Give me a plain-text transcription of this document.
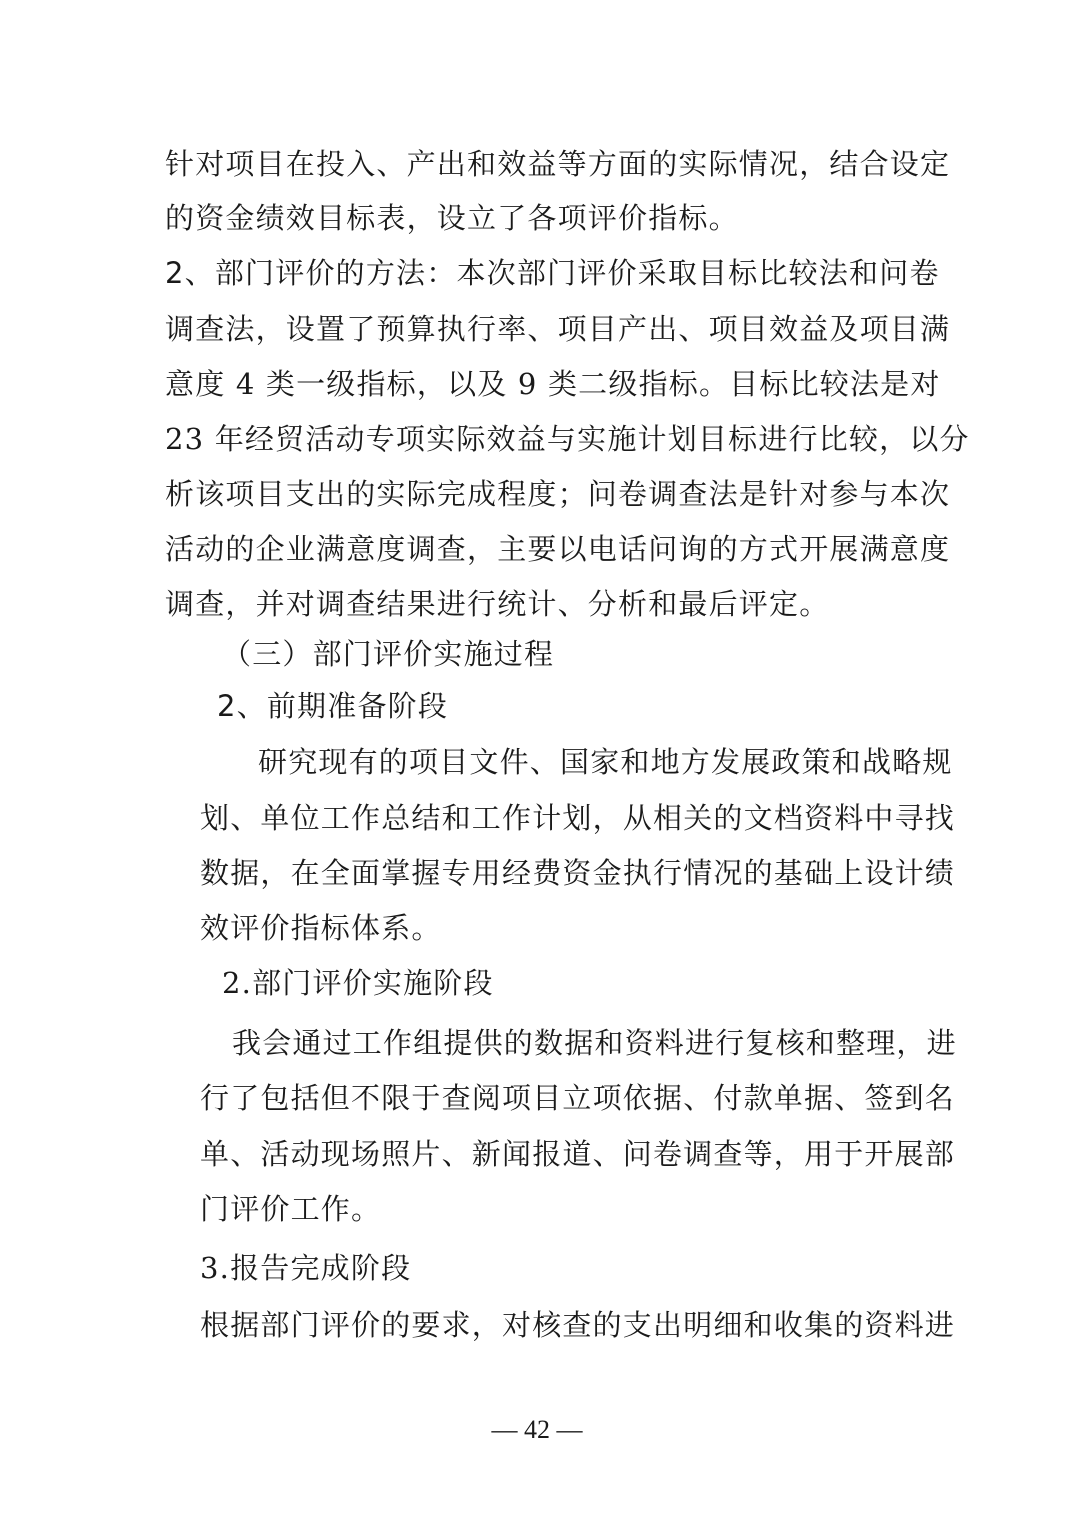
针对项目在投入、产出和效益等方面的实际情况，结合设定
的资金绩效目标表，设立了各项评价指标。
2、部门评价的方法：本次部门评价采取目标比较法和问卷
调查法，设置了预算执行率、项目产出、项目效益及项目满
意度 4 类一级指标，以及 9 类二级指标。目标比较法是对
23 年经贸活动专项实际效益与实施计划目标进行比较，以分
析该项目支出的实际完成程度；问卷调查法是针对参与本次
活动的企业满意度调查，主要以电话问询的方式开展满意度
调查，并对调查结果进行统计、分析和最后评定。
（三）部门评价实施过程
2、前期准备阶段
研究现有的项目文件、国家和地方发展政策和战略规
划、单位工作总结和工作计划，从相关的文档资料中寻找
数据，在全面掌握专用经费资金执行情况的基础上设计绩
效评价指标体系。
2.部门评价实施阶段
我会通过工作组提供的数据和资料进行复核和整理，进
行了包括但不限于查阅项目立项依据、付款单据、签到名
单、活动现场照片、新闻报道、问卷调查等，用于开展部
门评价工作。
3.报告完成阶段
根据部门评价的要求，对核查的支出明细和收集的资料进
— 42 —
